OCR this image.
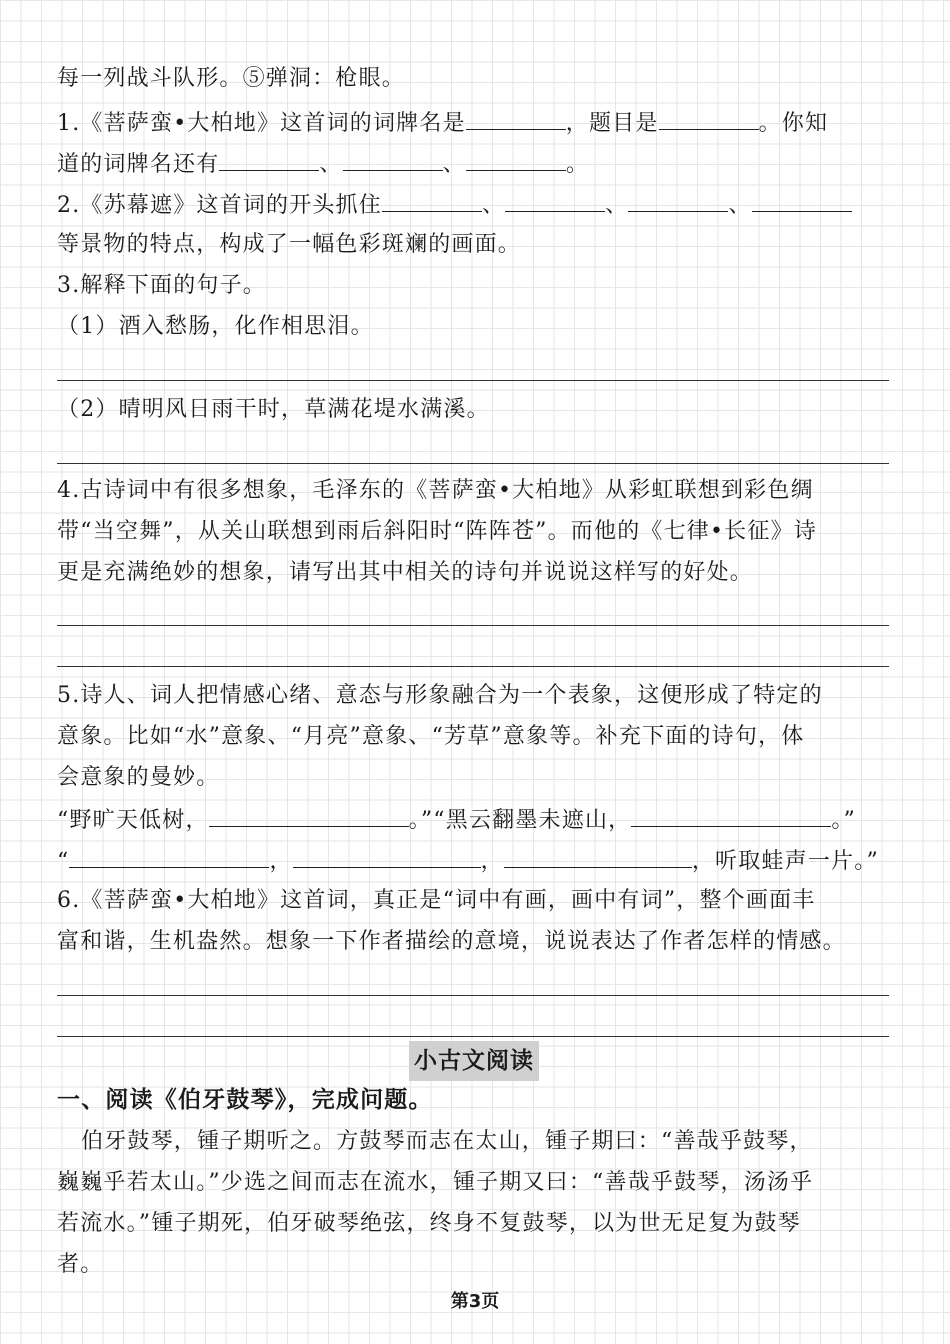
每一列战斗队形。⑤弹洞：枪眼。
1.《菩萨蛮•大柏地》这首词的词牌名是	，题目是	。你知
道的词牌名还有	、	、	。
2.《苏幕遮》这首词的开头抓住	、	、	、
等景物的特点，构成了一幅色彩斑斓的画面。
3.解释下面的句子。
（1）酒入愁肠，化作相思泪。
（2）晴明风日雨干时，草满花堤水满溪。
4.古诗词中有很多想象，毛泽东的《菩萨蛮•大柏地》从彩虹联想到彩色绸
带“当空舞”，从关山联想到雨后斜阳时“阵阵苍”。而他的《七律•长征》诗
更是充满绝妙的想象，请写出其中相关的诗句并说说这样写的好处。
5.诗人、词人把情感心绪、意态与形象融合为一个表象，这便形成了特定的
意象。比如“水”意象、“月亮”意象、“芳草”意象等。补充下面的诗句，体
会意象的曼妙。
“野旷天低树，	。”“黑云翻墨未遮山，	。”
“	，	，	，听取蛙声一片。”
6.《菩萨蛮•大柏地》这首词，真正是“词中有画，画中有词”，整个画面丰
富和谐，生机盎然。想象一下作者描绘的意境，说说表达了作者怎样的情感。
小古文阅读
一、阅读《伯牙鼓琴》，完成问题。
伯牙鼓琴，锺子期听之。方鼓琴而志在太山，锺子期曰：“善哉乎鼓琴，
巍巍乎若太山。”少选之间而志在流水，锺子期又曰：“善哉乎鼓琴，汤汤乎
若流水。”锺子期死，伯牙破琴绝弦，终身不复鼓琴，以为世无足复为鼓琴
者。
第3页
